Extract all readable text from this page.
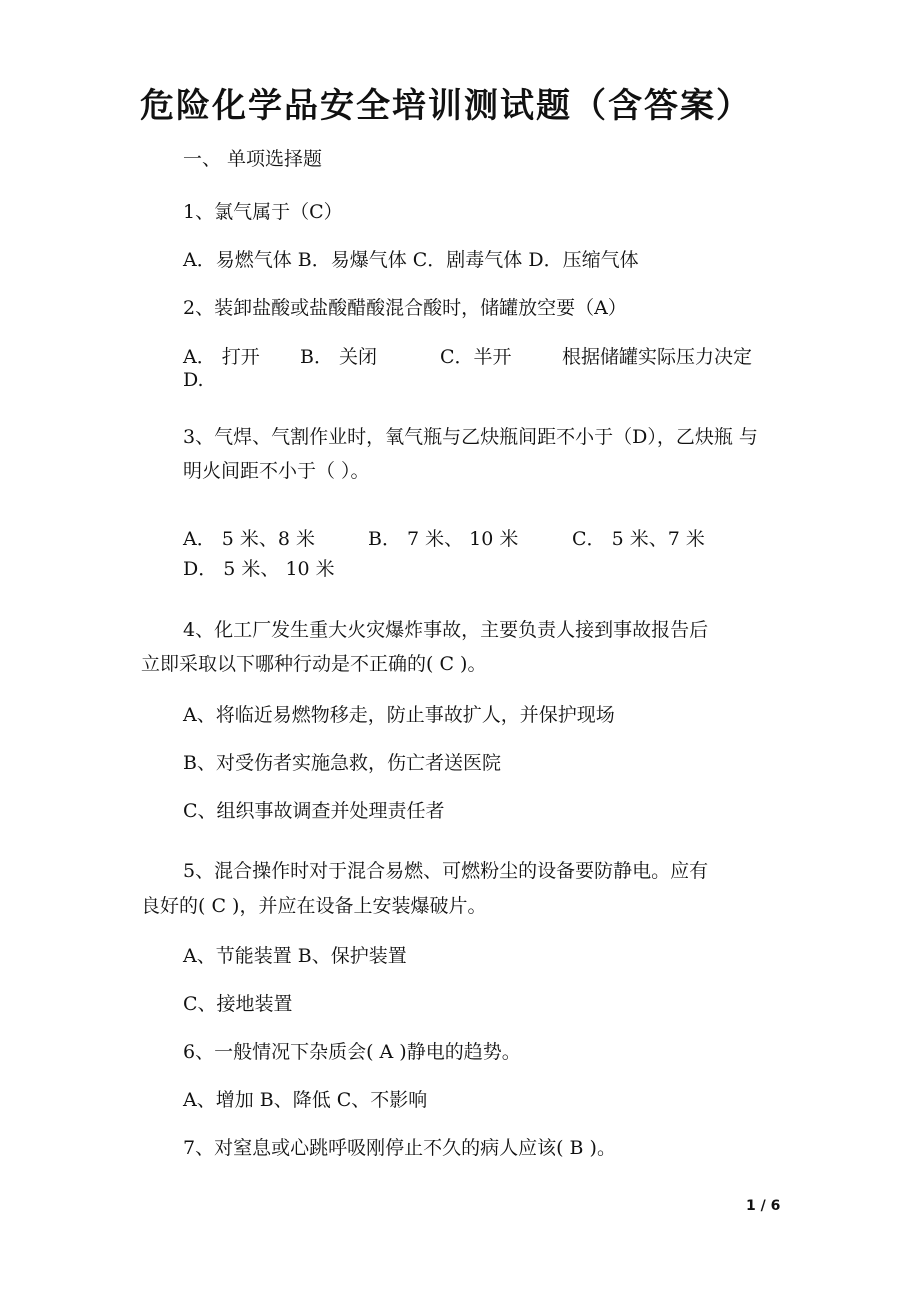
危险化学品安全培训测试题（含答案）
一、 单项选择题
1、氯气属于（C）
A．易燃气体 B．易爆气体 C．剧毒气体 D．压缩气体
2、装卸盐酸或盐酸醋酸混合酸时，储罐放空要（A）
A． 打开 B． 关闭	C．半开	根据储罐实际压力决定
D.
3、气焊、气割作业时，氧气瓶与乙炔瓶间距不小于（D），乙炔瓶 与
明火间距不小于（ ）。
A． 5 米、8 米	B． 7 米、 10 米	C． 5 米、7 米
D． 5 米、 10 米
4、化工厂发生重大火灾爆炸事故，主要负责人接到事故报告后
立即采取以下哪种行动是不正确的( C )。
A、将临近易燃物移走，防止事故扩人，并保护现场
B、对受伤者实施急救，伤亡者送医院
C、组织事故调查并处理责任者
5、混合操作时对于混合易燃、可燃粉尘的设备要防静电。应有
良好的( C )，并应在设备上安装爆破片。
A、节能装置 B、保护装置
C、接地装置
6、一般情况下杂质会( A )静电的趋势。
A、增加 B、降低 C、不影响
7、对窒息或心跳呼吸刚停止不久的病人应该( B )。
1 / 6
